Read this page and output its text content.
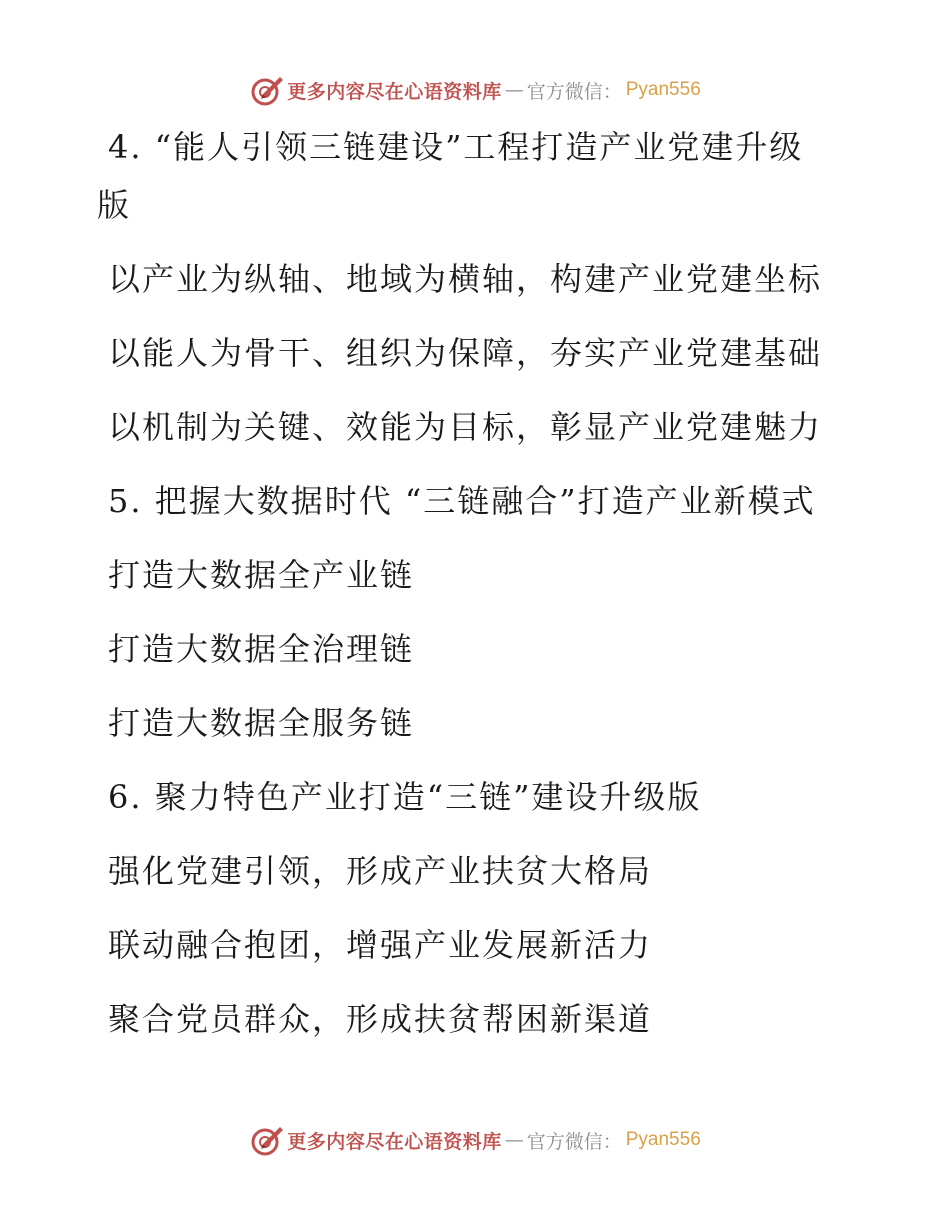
更多内容尽在心语资料库 — 官方微信： Pyan556
4. “能人引领三链建设”工程打造产业党建升级
版
以产业为纵轴、地域为横轴，构建产业党建坐标
以能人为骨干、组织为保障，夯实产业党建基础
以机制为关键、效能为目标，彰显产业党建魅力
5. 把握大数据时代 “三链融合”打造产业新模式
打造大数据全产业链
打造大数据全治理链
打造大数据全服务链
6. 聚力特色产业打造“三链”建设升级版
强化党建引领，形成产业扶贫大格局
联动融合抱团，增强产业发展新活力
聚合党员群众，形成扶贫帮困新渠道
更多内容尽在心语资料库 — 官方微信： Pyan556
